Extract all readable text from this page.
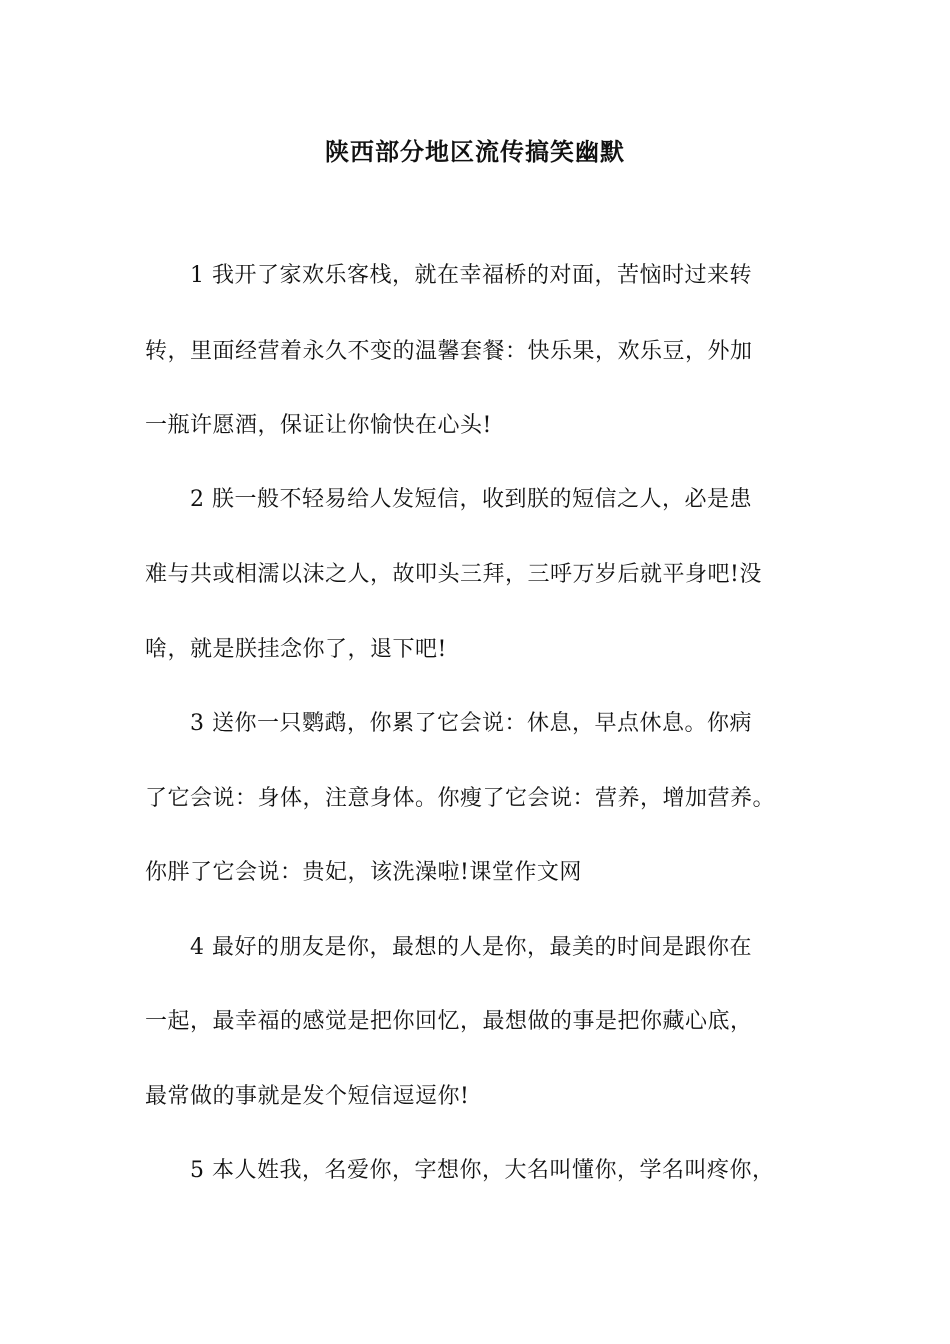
陕西部分地区流传搞笑幽默
1 我开了家欢乐客栈，就在幸福桥的对面，苦恼时过来转
转，里面经营着永久不变的温馨套餐：快乐果，欢乐豆，外加
一瓶许愿酒，保证让你愉快在心头!
2 朕一般不轻易给人发短信，收到朕的短信之人，必是患
难与共或相濡以沫之人，故叩头三拜，三呼万岁后就平身吧!没
啥，就是朕挂念你了，退下吧!
3 送你一只鹦鹉，你累了它会说：休息，早点休息。你病
了它会说：身体，注意身体。你瘦了它会说：营养，增加营养。
你胖了它会说：贵妃，该洗澡啦!课堂作文网
4 最好的朋友是你，最想的人是你，最美的时间是跟你在
一起，最幸福的感觉是把你回忆，最想做的事是把你藏心底，
最常做的事就是发个短信逗逗你!
5 本人姓我，名爱你，字想你，大名叫懂你，学名叫疼你，
